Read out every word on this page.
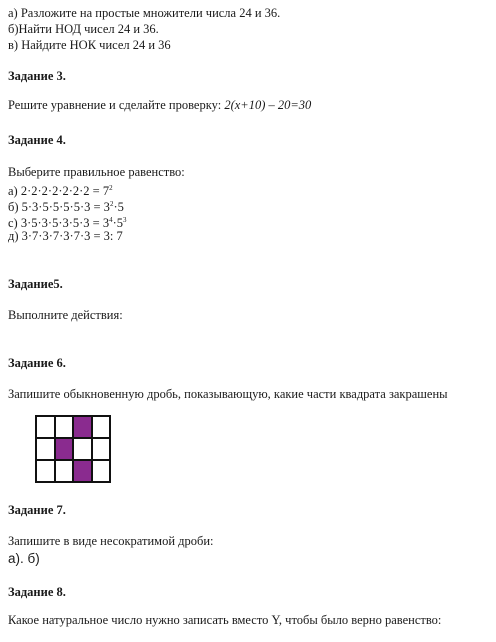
а) Разложите на простые множители числа 24 и 36.
б)Найти НОД чисел 24 и 36.
в) Найдите НОК чисел 24 и 36
Задание 3.
Решите уравнение и сделайте проверку: 2(x+10) – 20=30
Задание 4.
Выберите правильное равенство:
а) $2\cdot 2\cdot 2\cdot 2\cdot 2\cdot 2\cdot 2 = 7^2$
б) $5\cdot 3\cdot 5\cdot 5\cdot 5\cdot 5\cdot 3 = 3^2\cdot 5$
с) $3\cdot 5\cdot 3\cdot 5\cdot 3\cdot 5\cdot 3 = 3^4\cdot 5^3$
д) 3·7·3·7·3·7·3 = 3: 7
Задание5.
Выполните действия:
Задание 6.
Запишите обыкновенную дробь, показывающую, какие части квадрата закрашены
Задание 7.
Запишите в виде несократимой дроби:
а). б)
Задание 8.
Какое натуральное число нужно записать вместо Y, чтобы было верно равенство:
